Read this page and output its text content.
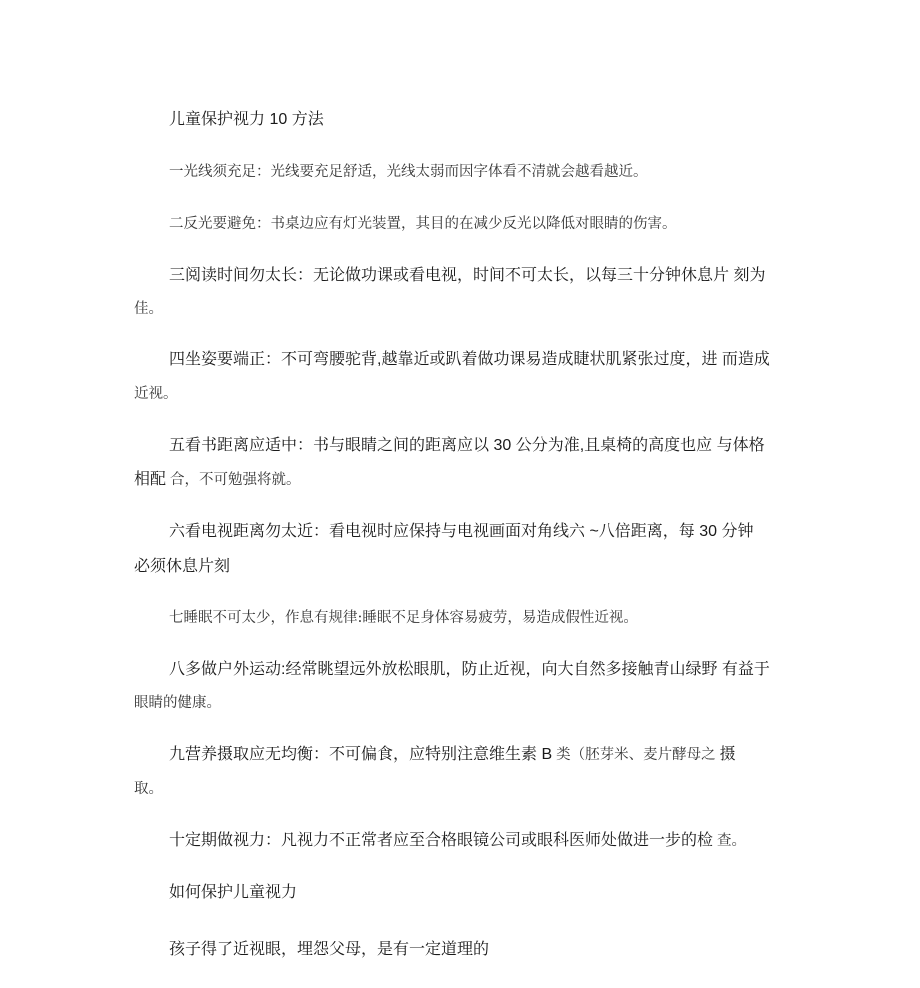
儿童保护视力 10 方法
一光线须充足：光线要充足舒适，光线太弱而因字体看不清就会越看越近。
二反光要避免：书桌边应有灯光装置，其目的在减少反光以降低对眼睛的伤害。
三阅读时间勿太长：无论做功课或看电视，时间不可太长，以每三十分钟休息片 刻为
佳。
四坐姿要端正：不可弯腰驼背,越靠近或趴着做功课易造成睫状肌紧张过度，进 而造成
近视。
五看书距离应适中：书与眼睛之间的距离应以 30 公分为准,且桌椅的高度也应 与体格
相配 合，不可勉强将就。
六看电视距离勿太近：看电视时应保持与电视画面对角线六 ~八倍距离，每 30 分钟
必须休息片刻
七睡眠不可太少，作息有规律:睡眠不足身体容易疲劳，易造成假性近视。
八多做户外运动:经常眺望远外放松眼肌，防止近视，向大自然多接触青山绿野 有益于
眼睛的健康。
九营养摄取应无均衡：不可偏食，应特别注意维生素 B 类（胚芽米、麦片酵母之 摄
取。
十定期做视力：凡视力不正常者应至合格眼镜公司或眼科医师处做进一步的检 查。
如何保护儿童视力
孩子得了近视眼，埋怨父母，是有一定道理的
